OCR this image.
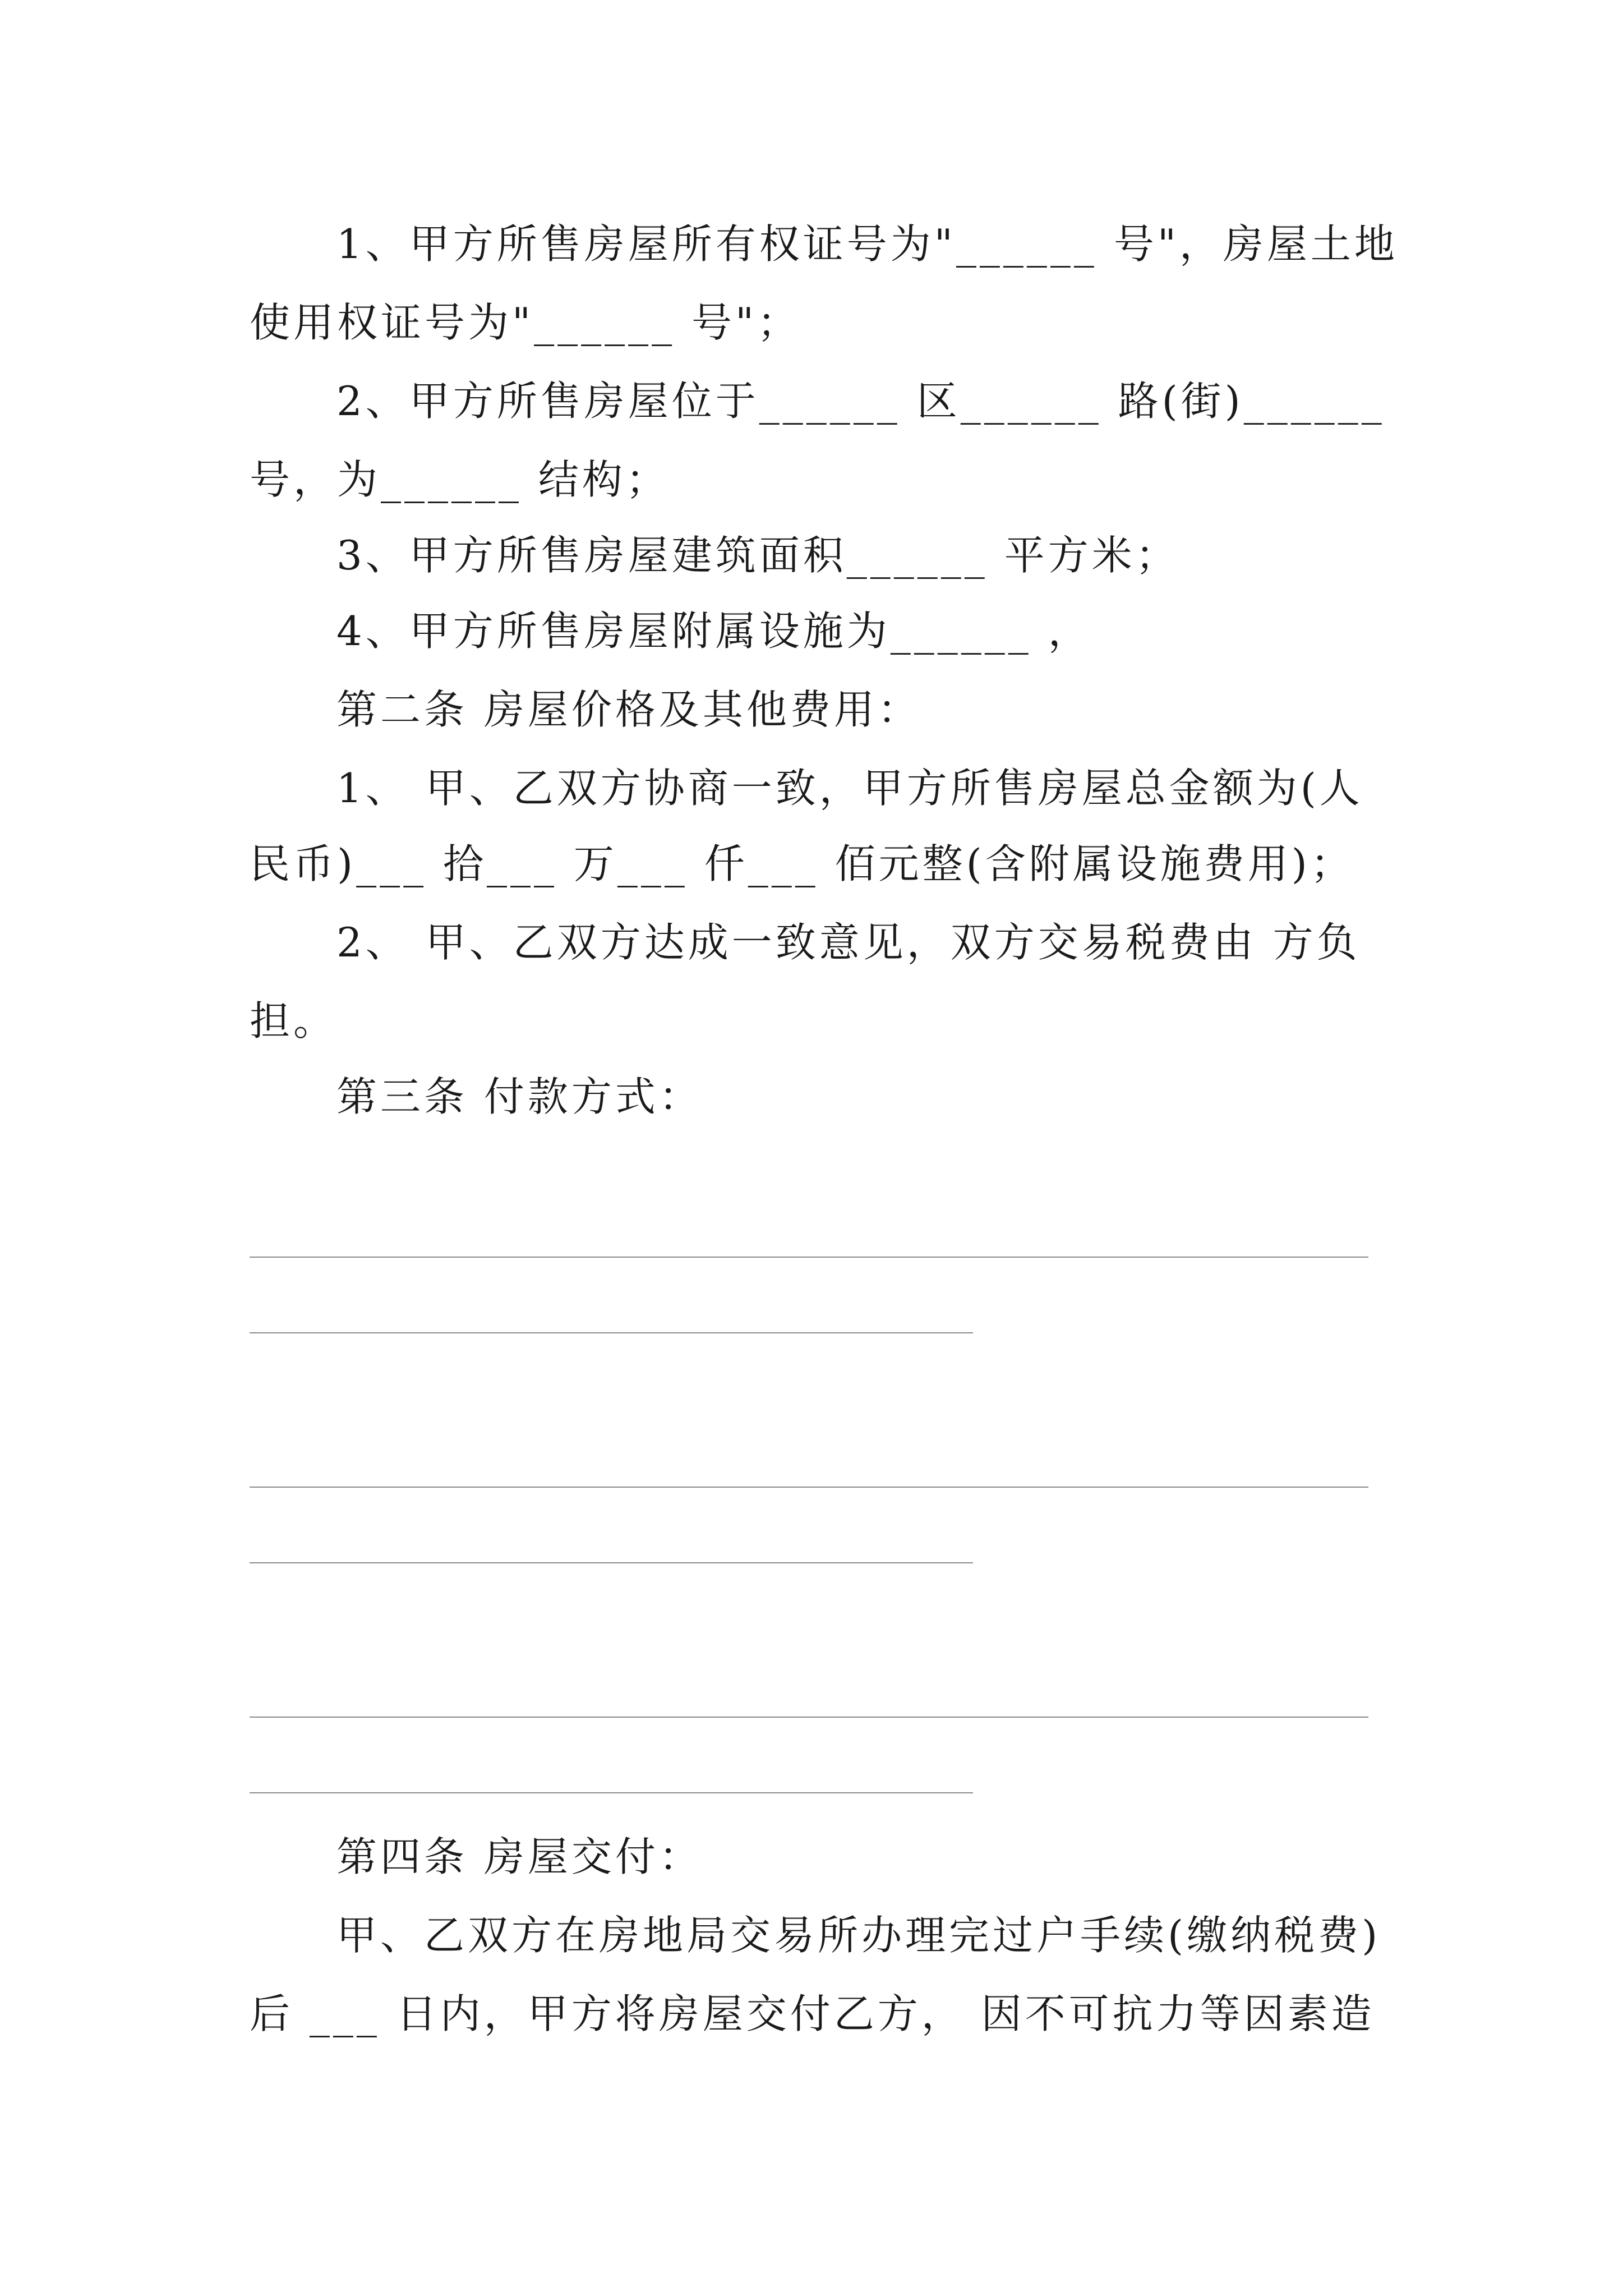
1、甲方所售房屋所有权证号为"______ 号"，房屋土地
使用权证号为"______ 号"；
2、甲方所售房屋位于______ 区______ 路(街)______
号，为______ 结构；
3、甲方所售房屋建筑面积______ 平方米；
4、甲方所售房屋附属设施为______ ，
第二条 房屋价格及其他费用：
1、 甲、乙双方协商一致，甲方所售房屋总金额为(人
民币)___ 拾___ 万___ 仟___ 佰元整(含附属设施费用)；
2、 甲、乙双方达成一致意见，双方交易税费由 方负
担。
第三条 付款方式：
第四条 房屋交付：
甲、乙双方在房地局交易所办理完过户手续(缴纳税费)
后 ___ 日内，甲方将房屋交付乙方， 因不可抗力等因素造
